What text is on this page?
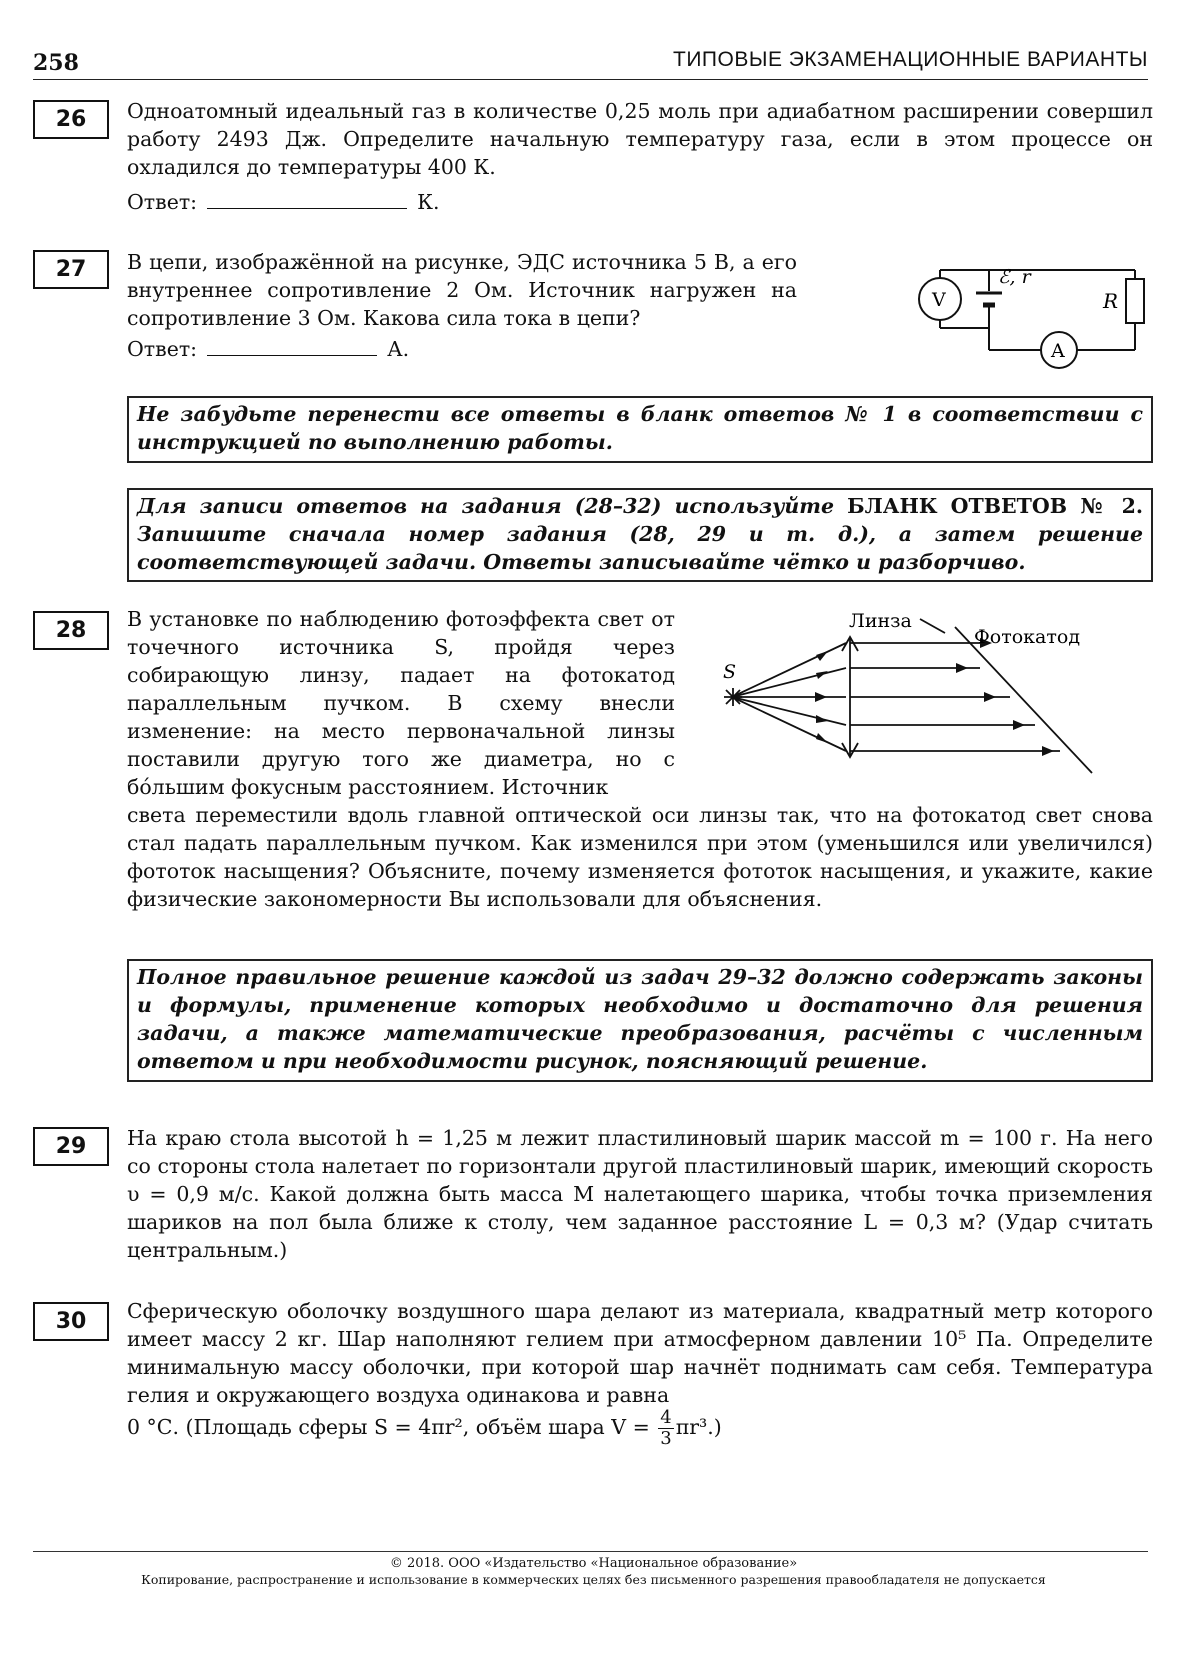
258	ТИПОВЫЕ ЭКЗАМЕНАЦИОННЫЕ ВАРИАНТЫ
26	Одноатомный идеальный газ в количестве 0,25 моль при адиабатном расширении совершил работу 2493 Дж. Определите начальную температуру газа, если в этом процессе он охладился до температуры 400 К.
Ответ:	К.
27	В цепи, изображённой на рисунке, ЭДС источника 5 В, а его внутреннее сопротивление 2 Ом. Источник нагружен на сопротивление 3 Ом. Какова сила тока в цепи?
Ответ:	А.
V
A
ℰ, r
R
Не забудьте перенести все ответы в бланк ответов № 1 в соответствии с инструкцией по выполнению работы.
Для записи ответов на задания (28–32) используйте БЛАНК ОТВЕТОВ № 2. Запишите сначала номер задания (28, 29 и т. д.), а затем решение соответствующей задачи. Ответы записывайте чётко и разборчиво.
28	В установке по наблюдению фотоэффекта свет от точечного источника S, пройдя через собирающую линзу, падает на фотокатод параллельным пучком. В схему внесли изменение: на место первоначальной линзы поставили другую того же диаметра, но с бóльшим фокусным расстоянием. Источник
света переместили вдоль главной оптической оси линзы так, что на фотокатод свет снова стал падать параллельным пучком. Как изменился при этом (уменьшился или увеличился) фототок насыщения? Объясните, почему изменяется фототок насыщения, и укажите, какие физические закономерности Вы использовали для объяснения.
Линза
Фотокатод
S
Полное правильное решение каждой из задач 29–32 должно содержать законы и формулы, применение которых необходимо и достаточно для решения задачи, а также математические преобразования, расчёты с численным ответом и при необходимости рисунок, поясняющий решение.
29	На краю стола высотой h = 1,25 м лежит пластилиновый шарик массой m = 100 г. На него со стороны стола налетает по горизонтали другой пластилиновый шарик, имеющий скорость υ = 0,9 м/с. Какой должна быть масса M налетающего шарика, чтобы точка приземления шариков на пол была ближе к столу, чем заданное расстояние L = 0,3 м? (Удар считать центральным.)
30	Сферическую оболочку воздушного шара делают из материала, квадратный метр которого имеет массу 2 кг. Шар наполняют гелием при атмосферном давлении 10⁵ Па. Определите минимальную массу оболочки, при которой шар начнёт поднимать сам себя. Температура гелия и окружающего воздуха одинакова и равна
0 °С. (Площадь сферы S = 4πr², объём шара $V = \frac{4}{3} \pi r^3$.)
© 2018. ООО «Издательство «Национальное образование»
Копирование, распространение и использование в коммерческих целях без письменного разрешения правообладателя не допускается
